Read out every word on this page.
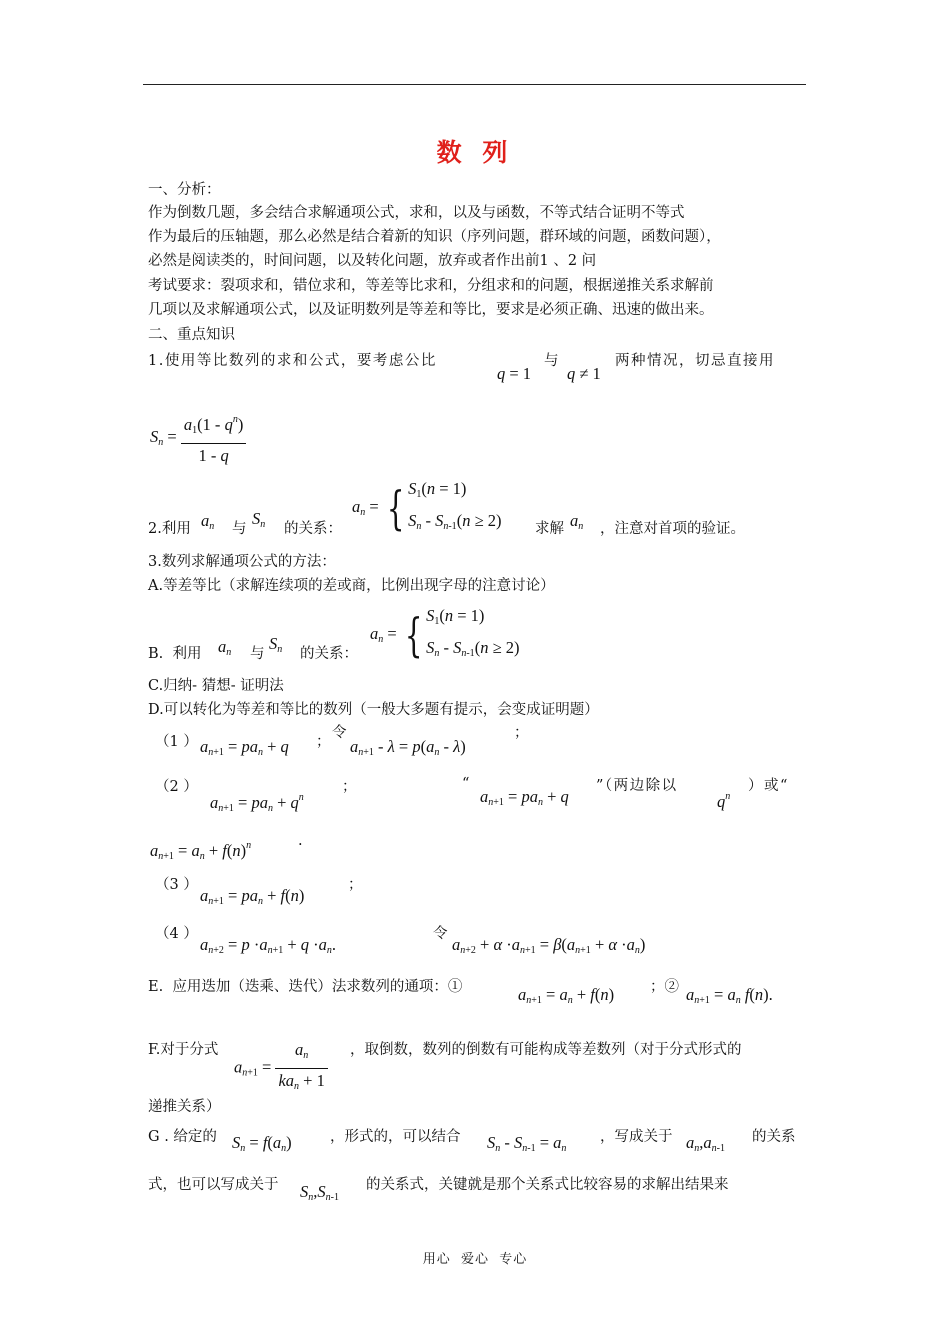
数 列
一、分析：
作为倒数几题，多会结合求解通项公式，求和，以及与函数，不等式结合证明不等式
作为最后的压轴题，那么必然是结合着新的知识（序列问题，群环域的问题，函数问题），
必然是阅读类的，时间问题，以及转化问题，放弃或者作出前1 、2 问
考试要求：裂项求和，错位求和，等差等比求和，分组求和的问题，根据递推关系求解前
几项以及求解通项公式，以及证明数列是等差和等比，要求是必须正确、迅速的做出来。
二、重点知识
1.使用等比数列的求和公式，要考虑公比
q = 1
与
q ≠ 1
两种情况，切忌直接用
$S_n = \frac{a_1(1 - q^n)}{1 - q}$
$a_n$ = { $S_1(n = 1)$
$S_n - S_{n-1}(n \ge 2)$
2.利用 $a_n$ 与
$S_n$ 的关系：	求解 $a_n$ ，注意对首项的验证。
3.数列求解通项公式的方法：
A.等差等比（求解连续项的差或商，比例出现字母的注意讨论）
$a_n$ = { $S_1(n = 1)$
$S_n - S_{n-1}(n \ge 2)$
B.  利用 $a_n$ 与
$S_n$ 的关系：
C.归纳- 猜想- 证明法
D.可以转化为等差和等比的数列（一般大多题有提示，会变成证明题）
（1 ） $a_{n+1} = pa_n + q$ ；
令
$a_{n+1} - \lambda = p(a_n - \lambda)$
；
（2 ）
$a_{n+1} = pa_n + q^n$
；	“
$a_{n+1} = pa_n + q$
”（两边除以
$q^n$
）或“
$a_{n+1} = a_n + f(n)^n$	.
（3 ）
$a_{n+1} = pa_n + f(n)$
；
（4 ）
$a_{n+2} = p \cdot a_{n+1} + q \cdot a_n$.
令
$a_{n+2} + \alpha \cdot a_{n+1} = \beta(a_{n+1} + \alpha \cdot a_n)$
E.  应用迭加（迭乘、迭代）法求数列的通项：①	$a_{n+1} = a_n + f(n)$ ；② $a_{n+1} = a_n$ f(n).
F.对于分式
$a_{n+1} = \frac{a_n}{ka_n + 1}$ ，取倒数，数列的倒数有可能构成等差数列（对于分式形式的
递推关系）
G . 给定的 $S_n = f(a_n)$	，形式的，可以结合 $S_n - S_{n-1} = a_n$
，写成关于 $a_n,a_{n-1}$
的关系
式，也可以写成关于 $S_n,S_{n-1}$
的关系式，关键就是那个关系式比较容易的求解出结果来
用心  爱心  专心
